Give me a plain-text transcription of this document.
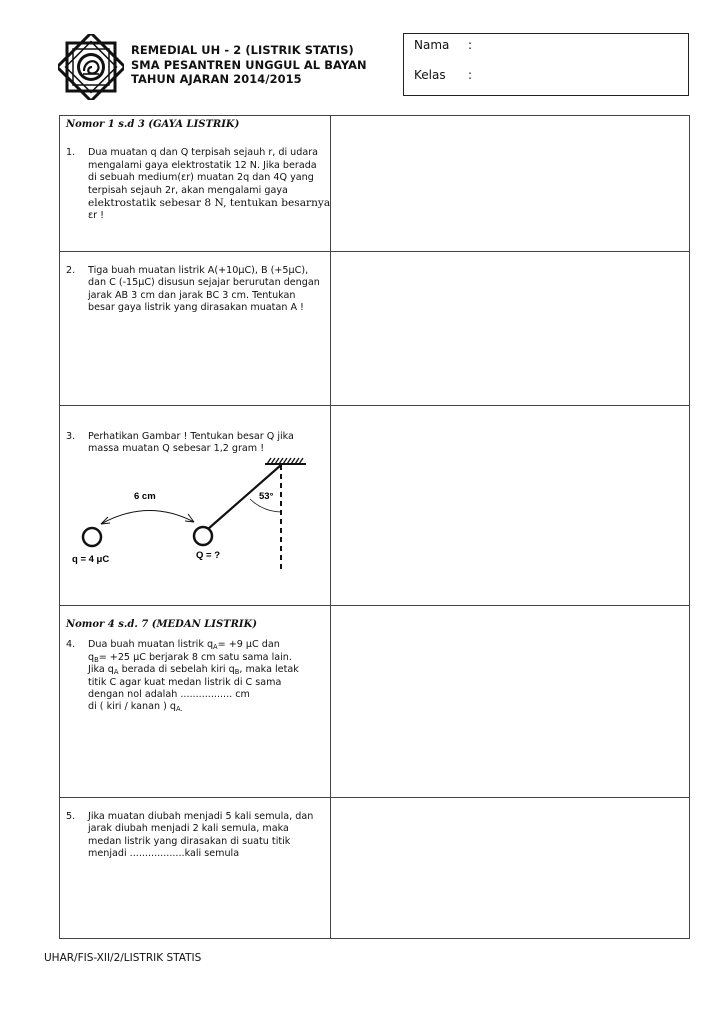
REMEDIAL UH - 2 (LISTRIK STATIS)
SMA PESANTREN UNGGUL AL BAYAN
TAHUN AJARAN 2014/2015
Nama :
Kelas :
Nomor 1 s.d 3 (GAYA LISTRIK)
1. Dua muatan q dan Q terpisah sejauh r, di udara
mengalami gaya elektrostatik 12 N. Jika berada
di sebuah medium(εr) muatan 2q dan 4Q yang
terpisah sejauh 2r, akan mengalami gaya
elektrostatik sebesar 8 N, tentukan besarnya
εr !
2. Tiga buah muatan listrik A(+10μC), B (+5μC),
dan C (-15μC) disusun sejajar berurutan dengan
jarak AB 3 cm dan jarak BC 3 cm. Tentukan
besar gaya listrik yang dirasakan muatan A !
3. Perhatikan Gambar ! Tentukan besar Q jika
massa muatan Q sebesar 1,2 gram !
53°
6 cm
q = 4 μC	Q = ?
Nomor 4 s.d. 7 (MEDAN LISTRIK)
4. Dua buah muatan listrik $q_A= +9$ μC dan
$q_B= +25$ μC berjarak 8 cm satu sama lain.
Jika $q_A$ berada di sebelah kiri $q_B$, maka letak
titik C agar kuat medan listrik di C sama
dengan nol adalah ................. cm
di ( kiri / kanan ) $q_{A.}$
5. Jika muatan diubah menjadi 5 kali semula, dan
jarak diubah menjadi 2 kali semula, maka
medan listrik yang dirasakan di suatu titik
menjadi ..................kali semula
UHAR/FIS-XII/2/LISTRIK STATIS
